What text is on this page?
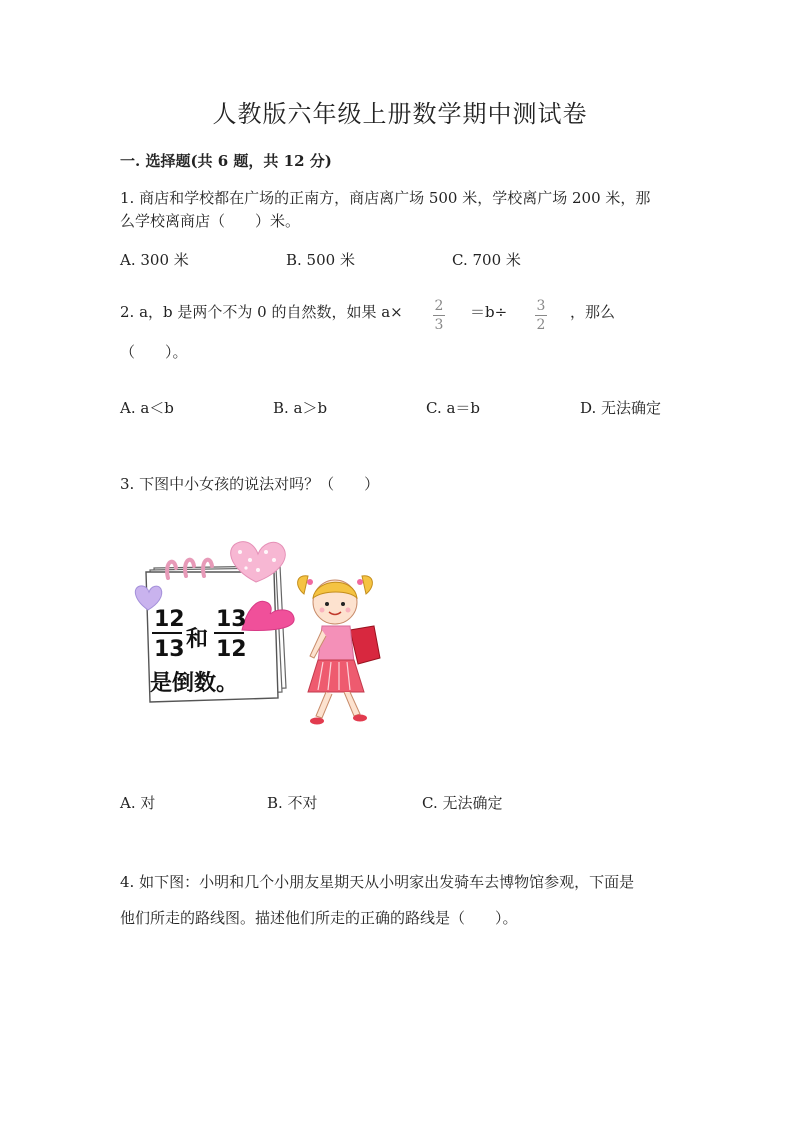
人教版六年级上册数学期中测试卷
一. 选择题(共 6 题，共 12 分)
1. 商店和学校都在广场的正南方，商店离广场 500 米，学校离广场 200 米，那
么学校离商店（　　）米。
A. 300 米	B. 500 米	C. 700 米
2. a，b 是两个不为 0 的自然数，如果 $a\times \frac{2}{3} =b\div \frac{3}{2}$ ，那么
（　　）。
A. a＜b	B. a＞b	C. a＝b	D. 无法确定
3. 下图中小女孩的说法对吗？（　　）
12
13 和
13
12
是倒数。
A. 对	B. 不对	C. 无法确定
4. 如下图：小明和几个小朋友星期天从小明家出发骑车去博物馆参观，下面是
他们所走的路线图。描述他们所走的正确的路线是（　　）。
